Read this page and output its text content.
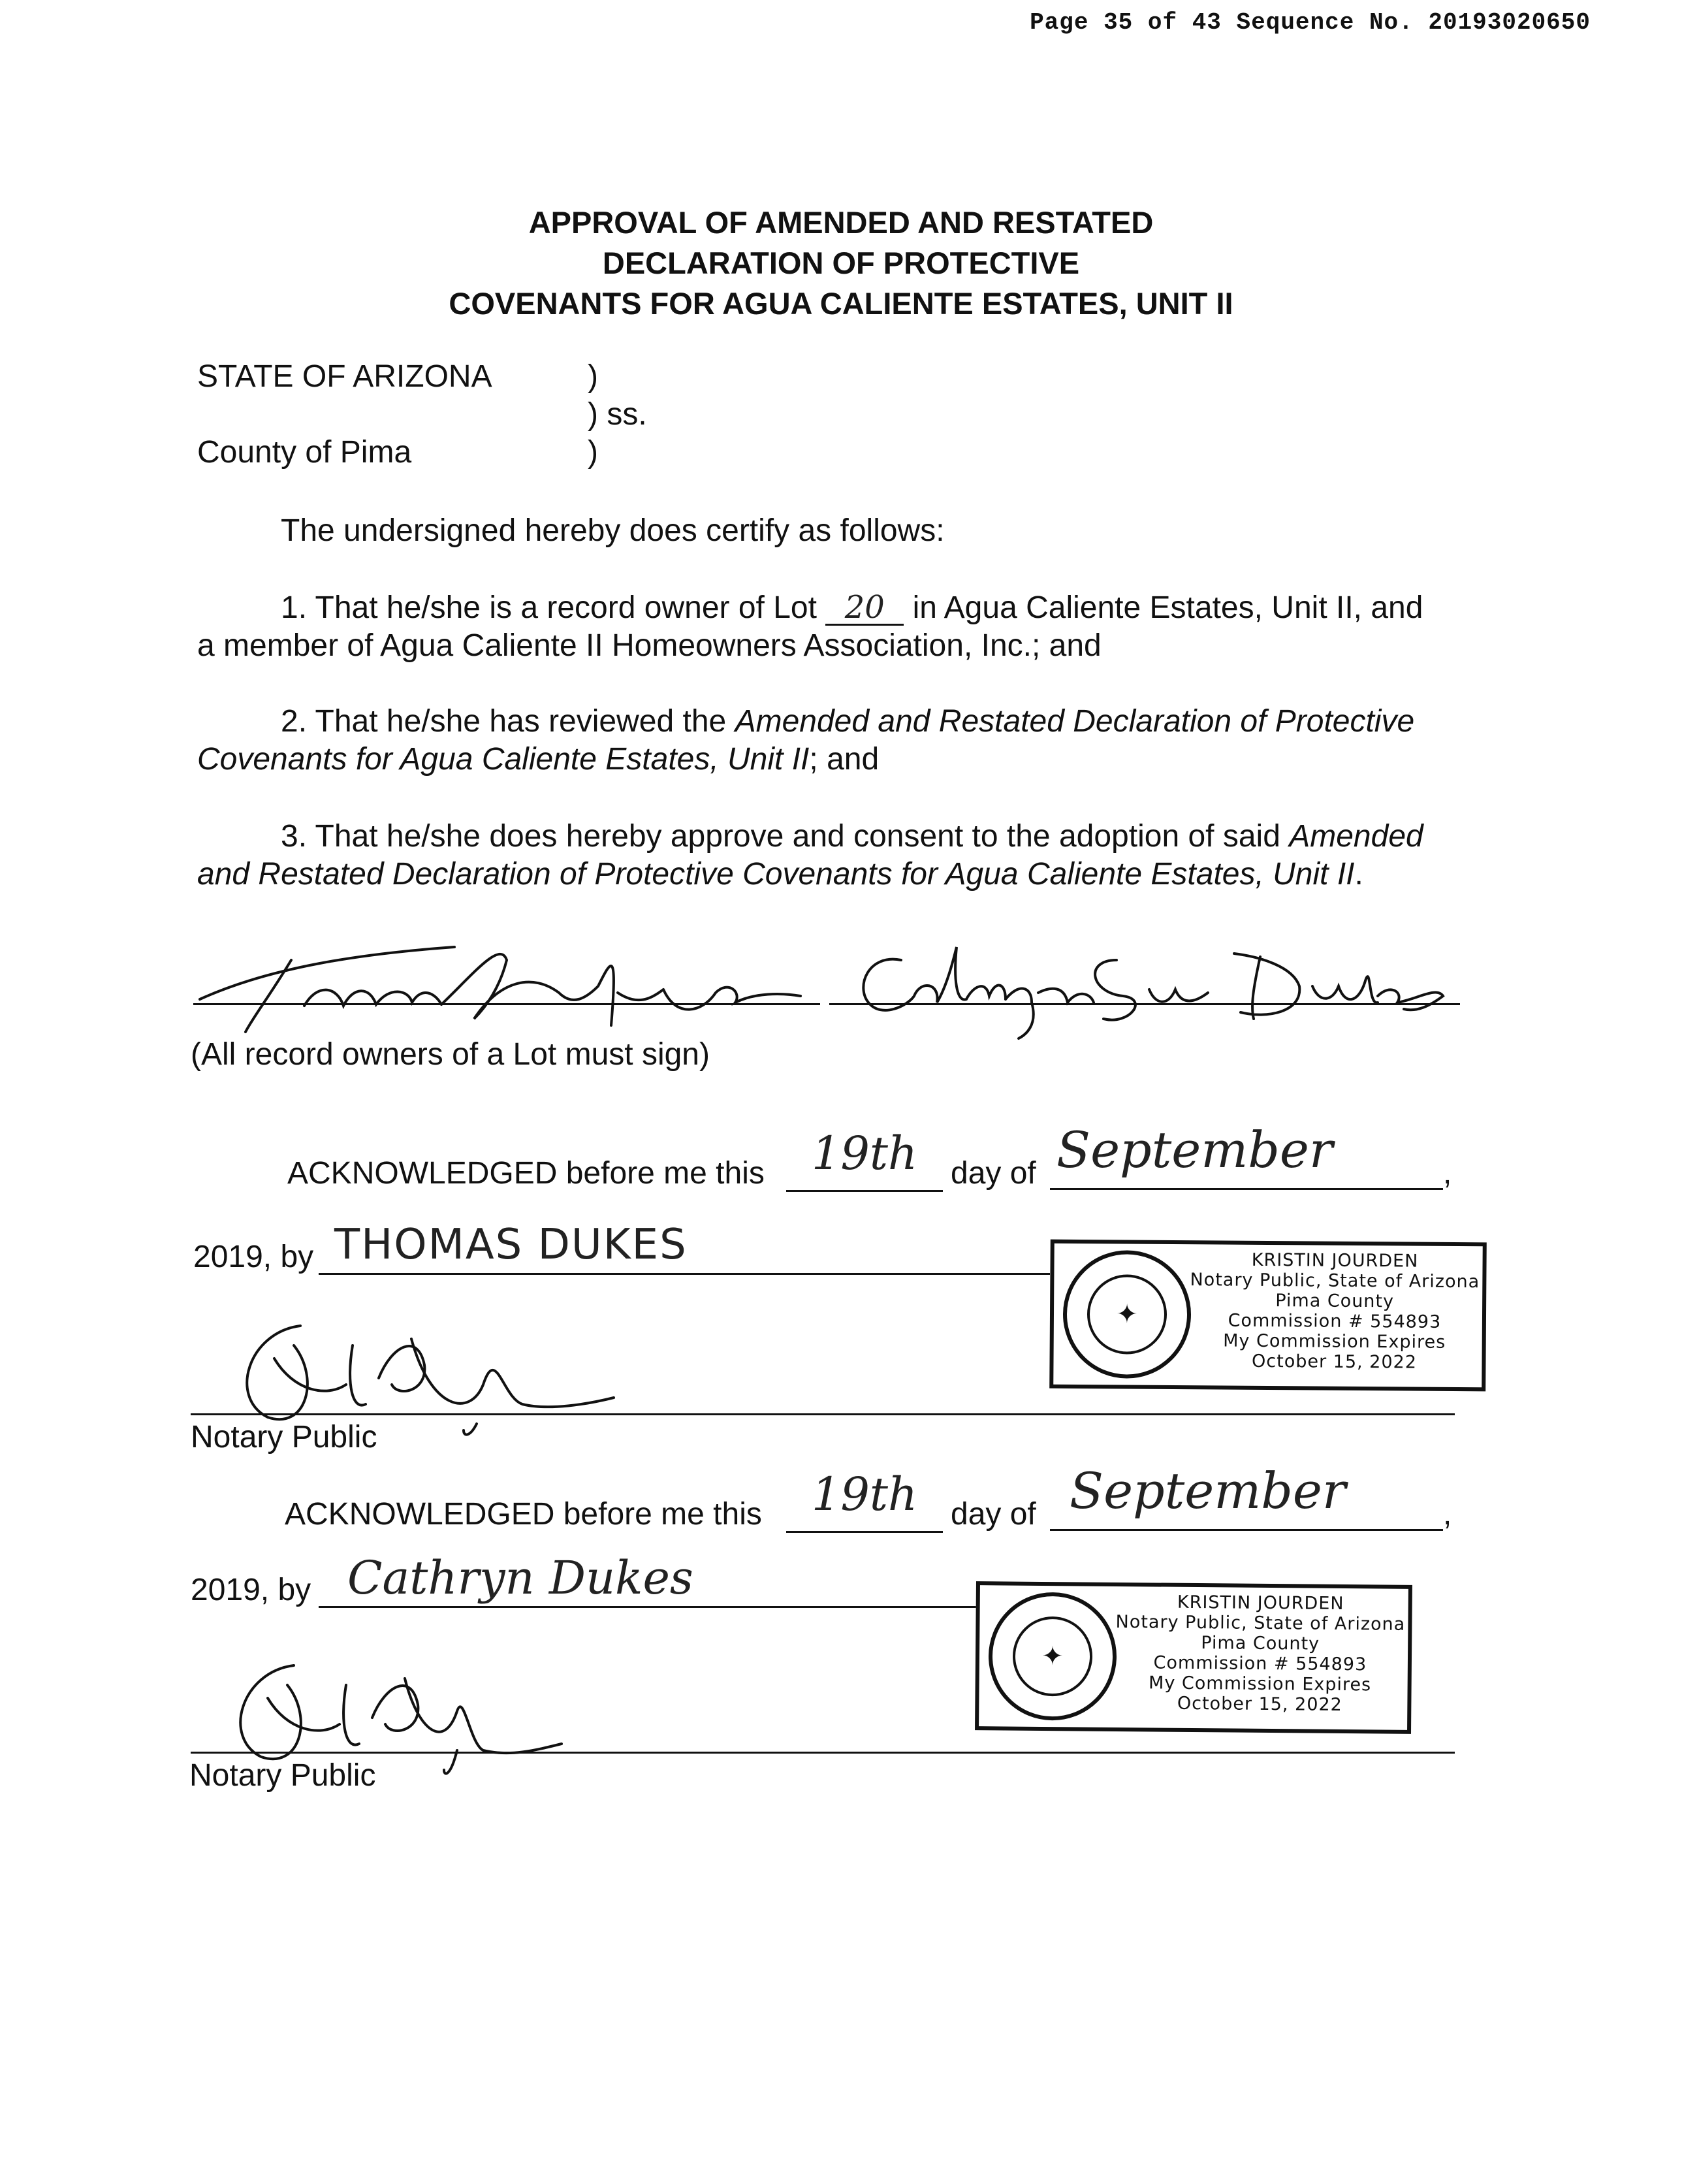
Page 35 of 43 Sequence No. 20193020650
APPROVAL OF AMENDED AND RESTATED
DECLARATION OF PROTECTIVE
COVENANTS FOR AGUA CALIENTE ESTATES, UNIT II
STATE OF ARIZONA	)
) ss.
County of Pima	)
The undersigned hereby does certify as follows:
1. That he/she is a record owner of Lot 20 in Agua Caliente Estates, Unit II, and
a member of Agua Caliente II Homeowners Association, Inc.; and
2. That he/she has reviewed the Amended and Restated Declaration of Protective
Covenants for Agua Caliente Estates, Unit II; and
3. That he/she does hereby approve and consent to the adoption of said Amended
and Restated Declaration of Protective Covenants for Agua Caliente Estates, Unit II.
(All record owners of a Lot must sign)
ACKNOWLEDGED before me this	19th	day of September	,
2019, by THOMAS DUKES
✦
KRISTIN JOURDEN
Notary Public, State of Arizona
Pima County
Commission # 554893
My Commission Expires
October 15, 2022
Notary Public
ACKNOWLEDGED before me this	19th	day of September	,
2019, by Cathryn Dukes
✦
KRISTIN JOURDEN
Notary Public, State of Arizona
Pima County
Commission # 554893
My Commission Expires
October 15, 2022
Notary Public
